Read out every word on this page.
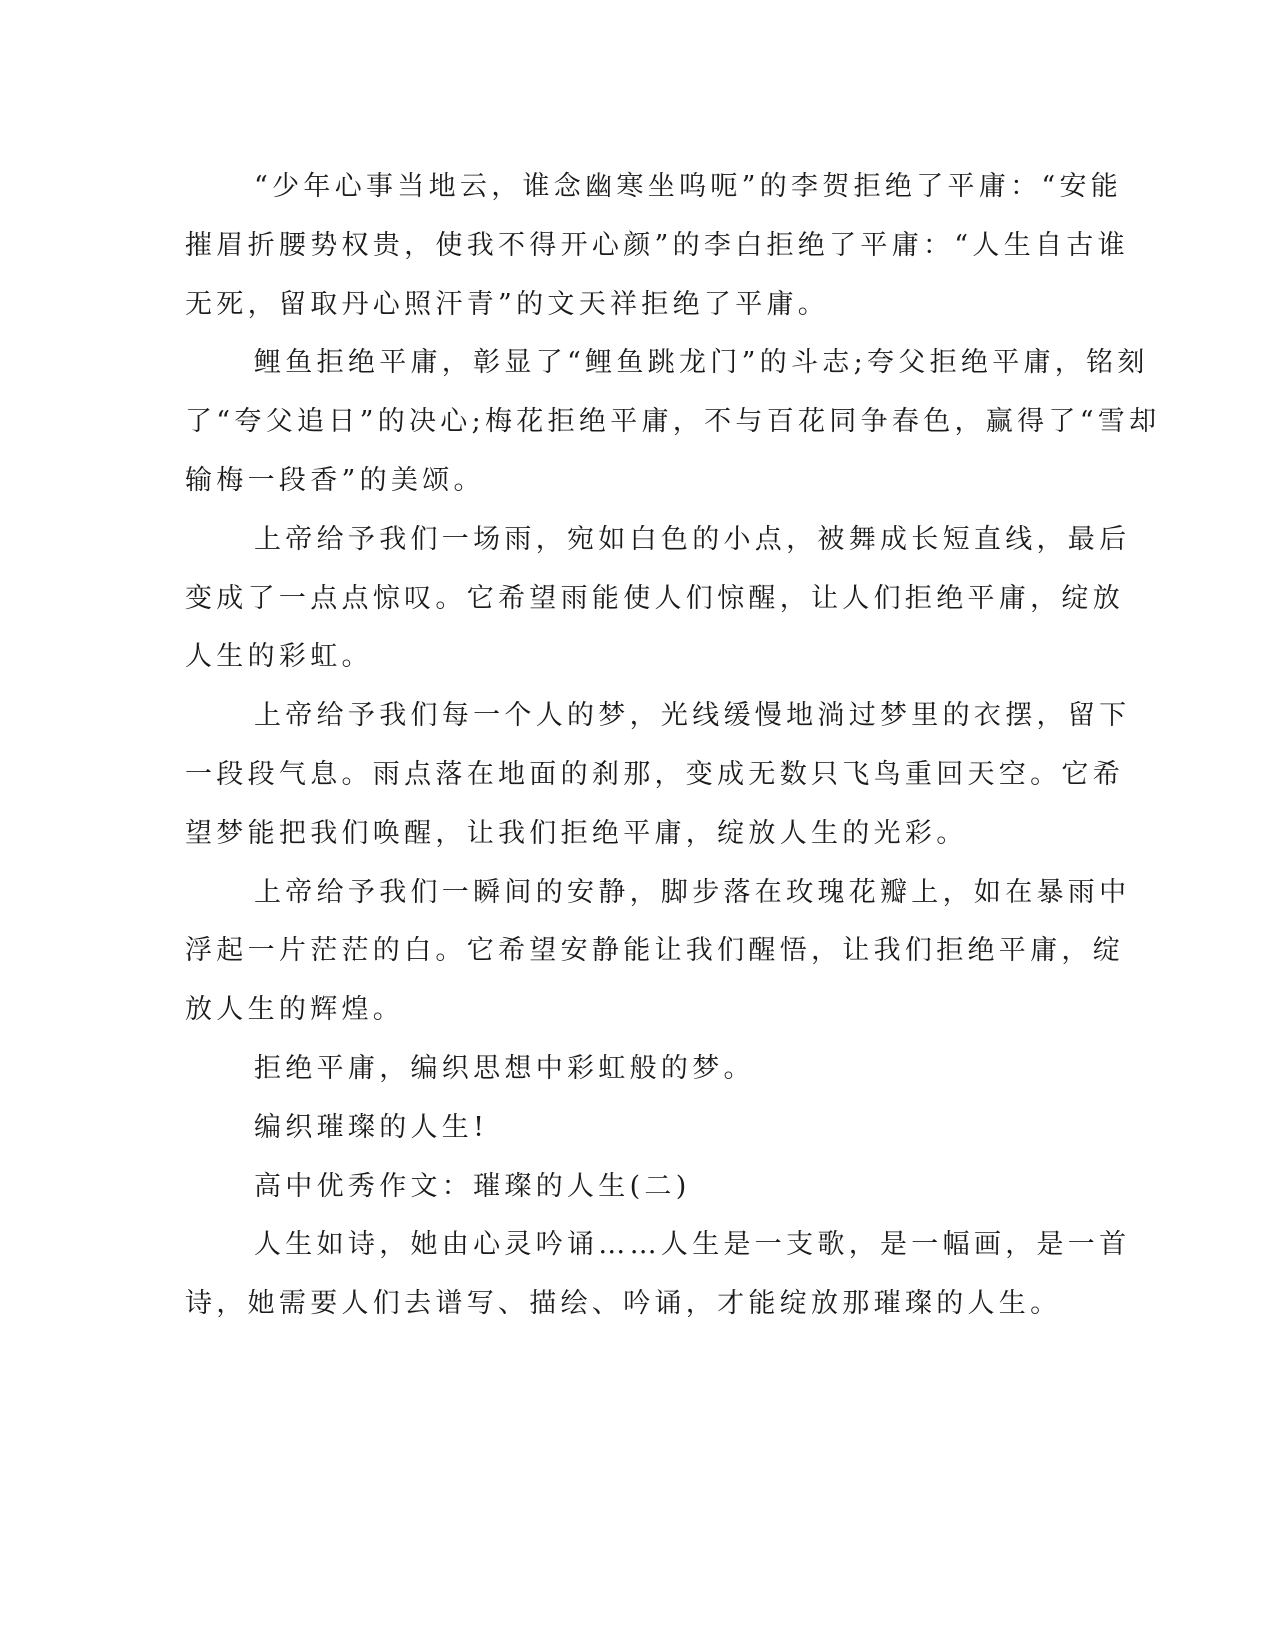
“少年心事当地云，谁念幽寒坐呜呃”的李贺拒绝了平庸：“安能
摧眉折腰势权贵，使我不得开心颜”的李白拒绝了平庸：“人生自古谁
无死，留取丹心照汗青”的文天祥拒绝了平庸。
鲤鱼拒绝平庸，彰显了“鲤鱼跳龙门”的斗志;夸父拒绝平庸，铭刻
了“夸父追日”的决心;梅花拒绝平庸，不与百花同争春色，赢得了“雪却
输梅一段香”的美颂。
上帝给予我们一场雨，宛如白色的小点，被舞成长短直线，最后
变成了一点点惊叹。它希望雨能使人们惊醒，让人们拒绝平庸，绽放
人生的彩虹。
上帝给予我们每一个人的梦，光线缓慢地淌过梦里的衣摆，留下
一段段气息。雨点落在地面的刹那，变成无数只飞鸟重回天空。它希
望梦能把我们唤醒，让我们拒绝平庸，绽放人生的光彩。
上帝给予我们一瞬间的安静，脚步落在玫瑰花瓣上，如在暴雨中
浮起一片茫茫的白。它希望安静能让我们醒悟，让我们拒绝平庸，绽
放人生的辉煌。
拒绝平庸，编织思想中彩虹般的梦。
编织璀璨的人生!
高中优秀作文：璀璨的人生(二)
人生如诗，她由心灵吟诵……人生是一支歌，是一幅画，是一首
诗，她需要人们去谱写、描绘、吟诵，才能绽放那璀璨的人生。
